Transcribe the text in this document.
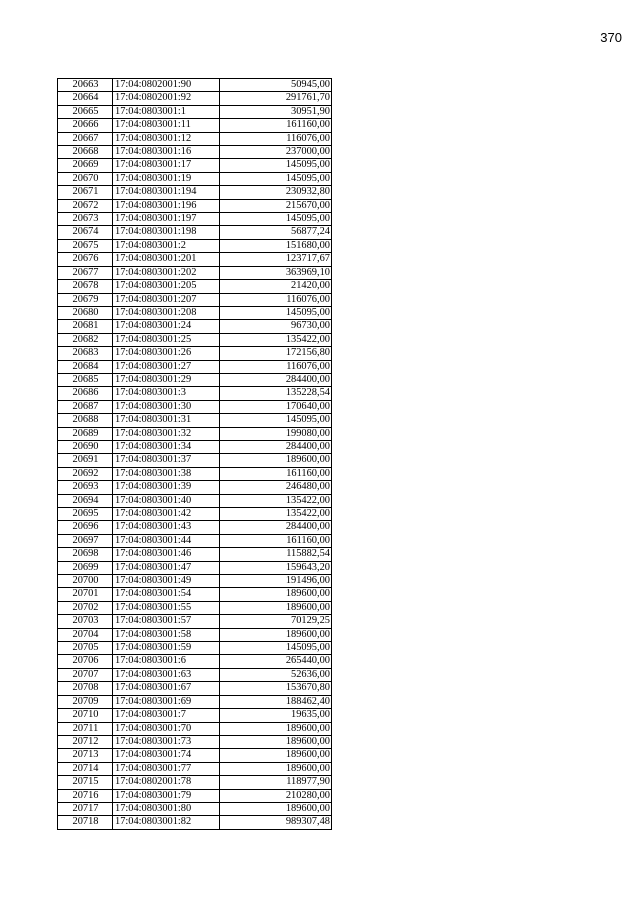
370
20663	17:04:0802001:90	50945,00
20664	17:04:0802001:92	291761,70
20665	17:04:0803001:1	30951,90
20666	17:04:0803001:11	161160,00
20667	17:04:0803001:12	116076,00
20668	17:04:0803001:16	237000,00
20669	17:04:0803001:17	145095,00
20670	17:04:0803001:19	145095,00
20671	17:04:0803001:194	230932,80
20672	17:04:0803001:196	215670,00
20673	17:04:0803001:197	145095,00
20674	17:04:0803001:198	56877,24
20675	17:04:0803001:2	151680,00
20676	17:04:0803001:201	123717,67
20677	17:04:0803001:202	363969,10
20678	17:04:0803001:205	21420,00
20679	17:04:0803001:207	116076,00
20680	17:04:0803001:208	145095,00
20681	17:04:0803001:24	96730,00
20682	17:04:0803001:25	135422,00
20683	17:04:0803001:26	172156,80
20684	17:04:0803001:27	116076,00
20685	17:04:0803001:29	284400,00
20686	17:04:0803001:3	135228,54
20687	17:04:0803001:30	170640,00
20688	17:04:0803001:31	145095,00
20689	17:04:0803001:32	199080,00
20690	17:04:0803001:34	284400,00
20691	17:04:0803001:37	189600,00
20692	17:04:0803001:38	161160,00
20693	17:04:0803001:39	246480,00
20694	17:04:0803001:40	135422,00
20695	17:04:0803001:42	135422,00
20696	17:04:0803001:43	284400,00
20697	17:04:0803001:44	161160,00
20698	17:04:0803001:46	115882,54
20699	17:04:0803001:47	159643,20
20700	17:04:0803001:49	191496,00
20701	17:04:0803001:54	189600,00
20702	17:04:0803001:55	189600,00
20703	17:04:0803001:57	70129,25
20704	17:04:0803001:58	189600,00
20705	17:04:0803001:59	145095,00
20706	17:04:0803001:6	265440,00
20707	17:04:0803001:63	52636,00
20708	17:04:0803001:67	153670,80
20709	17:04:0803001:69	188462,40
20710	17:04:0803001:7	19635,00
20711	17:04:0803001:70	189600,00
20712	17:04:0803001:73	189600,00
20713	17:04:0803001:74	189600,00
20714	17:04:0803001:77	189600,00
20715	17:04:0802001:78	118977,90
20716	17:04:0803001:79	210280,00
20717	17:04:0803001:80	189600,00
20718	17:04:0803001:82	989307,48
